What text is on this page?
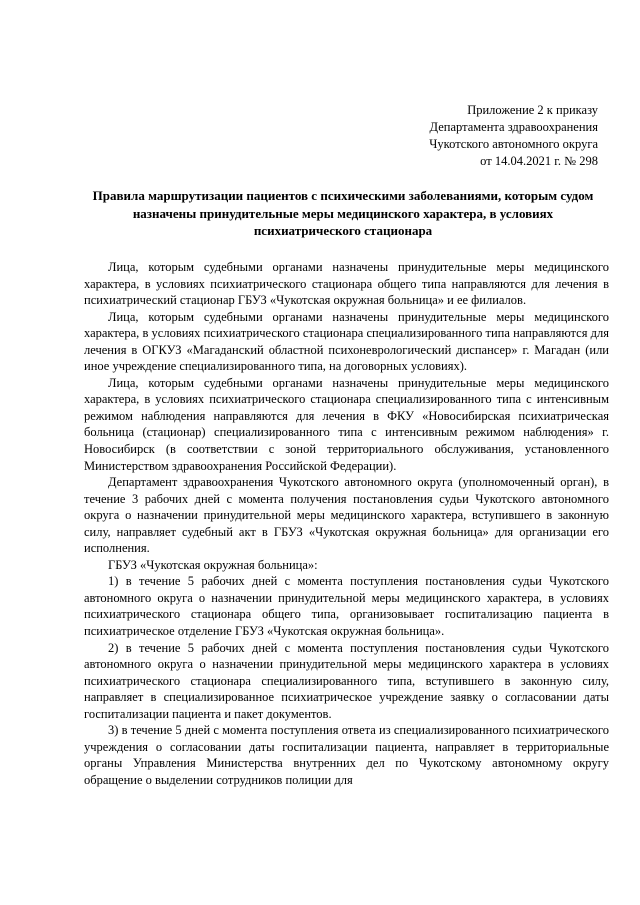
Приложение 2 к приказу
Департамента здравоохранения
Чукотского автономного округа
от 14.04.2021 г. № 298
Правила маршрутизации пациентов с психическими заболеваниями, которым судом назначены принудительные меры медицинского характера, в условиях психиатрического стационара

Лица, которым судебными органами назначены принудительные меры медицинского характера, в условиях психиатрического стационара общего типа направляются для лечения в психиатрический стационар ГБУЗ «Чукотская окружная больница» и ее филиалов.

Лица, которым судебными органами назначены принудительные меры медицинского характера, в условиях психиатрического стационара специализированного типа направляются для лечения в ОГКУЗ «Магаданский областной психоневрологический диспансер» г. Магадан (или иное учреждение специализированного типа, на договорных условиях).

Лица, которым судебными органами назначены принудительные меры медицинского характера, в условиях психиатрического стационара специализированного типа с интенсивным режимом наблюдения направляются для лечения в ФКУ «Новосибирская психиатрическая больница (стационар) специализированного типа с интенсивным режимом наблюдения» г. Новосибирск (в соответствии с зоной территориального обслуживания, установленного Министерством здравоохранения Российской Федерации).

Департамент здравоохранения Чукотского автономного округа (уполномоченный орган), в течение 3 рабочих дней с момента получения постановления судьи Чукотского автономного округа о назначении принудительной меры медицинского характера, вступившего в законную силу, направляет судебный акт в ГБУЗ «Чукотская окружная больница» для организации его исполнения.

ГБУЗ «Чукотская окружная больница»:

1) в течение 5 рабочих дней с момента поступления постановления судьи Чукотского автономного округа о назначении принудительной меры медицинского характера, в условиях психиатрического стационара общего типа, организовывает госпитализацию пациента в психиатрическое отделение ГБУЗ «Чукотская окружная больница».

2) в течение 5 рабочих дней с момента поступления постановления судьи Чукотского автономного округа о назначении принудительной меры медицинского характера в условиях психиатрического стационара специализированного типа, вступившего в законную силу, направляет в специализированное психиатрическое учреждение заявку о согласовании даты госпитализации пациента и пакет документов.

3) в течение 5 дней с момента поступления ответа из специализированного психиатрического учреждения о согласовании даты госпитализации пациента, направляет в территориальные органы Управления Министерства внутренних дел по Чукотскому автономному округу обращение о выделении сотрудников полиции для
